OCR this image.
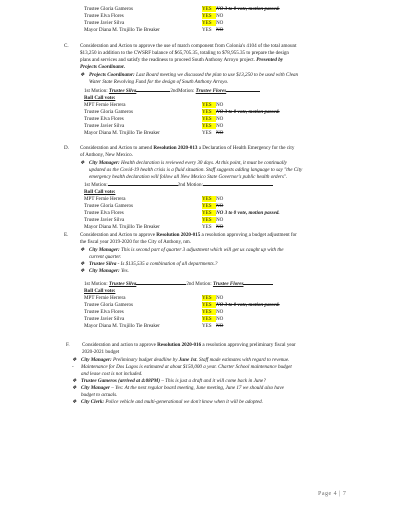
Trustee Gloria Gameros	YES NO 3 to 0 vote, motion passed.
Trustee Elva Flores	YES NO
Trustee Javier Silva	YES NO
Mayor Diana M. Trujillo Tie Breaker	YES NO
C. Consideration and Action to approve the use of match component from Colonia's 4104 of the total amount
$13,250 in addition to the CWSRF balance of $65,705.35, totaling to $78,955.35 to prepare the design
plans and services and satisfy the readiness to proceed South Anthony Arroyo project. Presented by
Projects Coordinator.
❖ Projects Coordinator: Last Board meeting we discussed the plan to use $13,250 to be used with Clean
Water State Revolving Fund for the design of South Anthony Arroyo.
1st Motion: Trustee Silva	2ndMotion: Trustee Flores
Roll Call vote:
MPT Fernie Herrera	YES NO
Trustee Gloria Gameros	YES NO 3 to 0 vote, motion passed.
Trustee Elva Flores	YES NO
Trustee Javier Silva	YES NO
Mayor Diana M. Trujillo Tie Breaker	YES NO
D. Consideration and Action to amend Resolution 2020-013 a Declaration of Health Emergency for the city
of Anthony, New Mexico.
❖ City Manager: Health declaration is reviewed every 30 days. At this point, it must be continually
updated as the Covid-19 health crisis is a fluid situation. Staff suggests adding language to say "the City
emergency health declaration will follow all New Mexico State Governor's public health orders".
1st Motion:	2nd Motion:
Roll Call vote:
MPT Fernie Herrera	YES NO
Trustee Gloria Gameros	YES NO
Trustee Elva Flores	YES NO 3 to 0 vote, motion passed.
Trustee Javier Silva	YES NO
Mayor Diana M. Trujillo Tie Breaker	YES NO
E. Consideration and Action to approve Resolution 2020-015 a resolution approving a budget adjustment for
the fiscal year 2019-2020 for the City of Anthony, nm.
❖ City Manager: This is second part of quarter 3 adjustment which will get us caught up with the
current quarter.
❖ Trustee Silva - Is $135,535 a combination of all departments.?
❖ City Manager: Yes.
1st Motion: Trustee Silva	2nd Motion: Trustee Flores
Roll Call vote:
MPT Fernie Herrera	YES NO
Trustee Gloria Gameros	YES NO 3 to 0 vote, motion passed.
Trustee Elva Flores	YES NO
Trustee Javier Silva	YES NO
Mayor Diana M. Trujillo Tie Breaker	YES NO
F. Consideration and action to approve Resolution 2020-016 a resolution approving preliminary fiscal year
2020-2021 budget
❖ City Manager: Preliminary budget deadline by June 1st. Staff made estimates with regard to revenue.
- Maintenance for Dos Lagos is estimated at about $150,000 a year. Charter School maintenance budget
and lease cost is not included.
❖ Trustee Gameros (arrived at 4:08PM) – This is just a draft and it will come back in June?
❖ City Manager – Yes: At the next regular board meeting, June meeting, June 17 we should also have
budget to actuals.
❖ City Clerk: Police vehicle and multi-generational we don't know when it will be adopted.
Page 4 | 7
